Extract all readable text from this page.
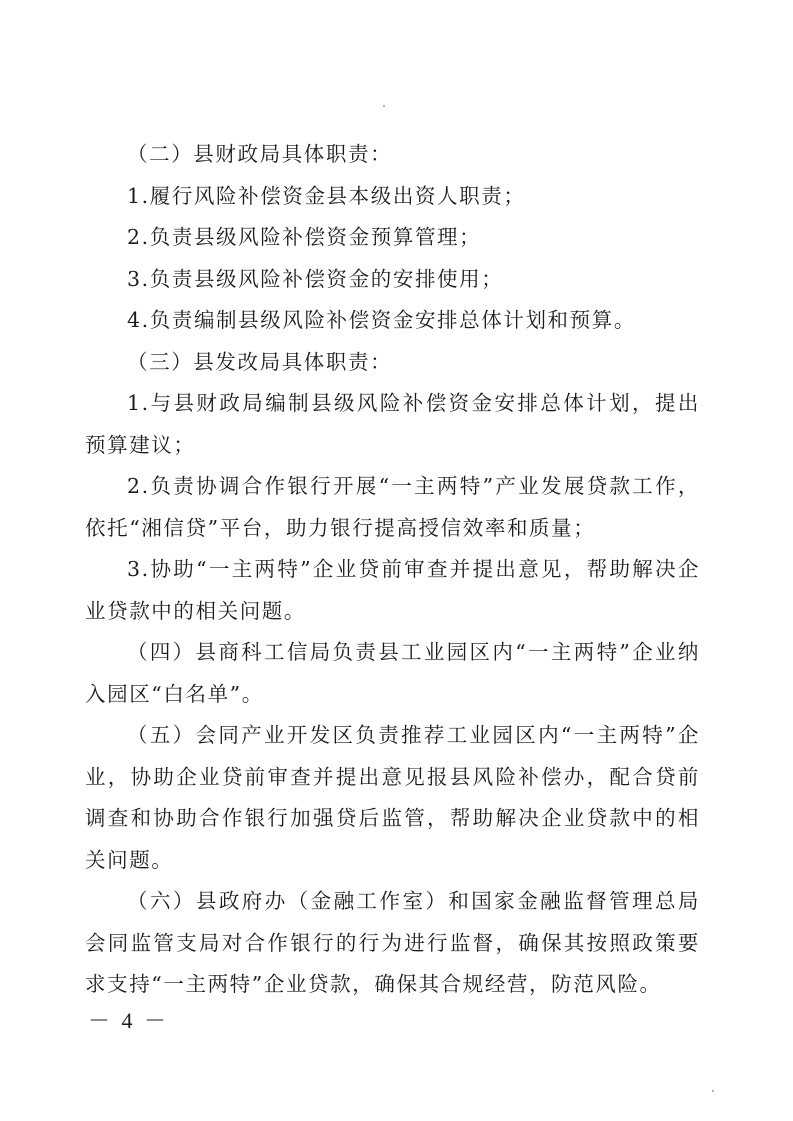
（二）县财政局具体职责：

1.履行风险补偿资金县本级出资人职责；

2.负责县级风险补偿资金预算管理；

3.负责县级风险补偿资金的安排使用；

4.负责编制县级风险补偿资金安排总体计划和预算。

（三）县发改局具体职责：

1.与县财政局编制县级风险补偿资金安排总体计划，提出预算建议；

2.负责协调合作银行开展“一主两特”产业发展贷款工作，依托“湘信贷”平台，助力银行提高授信效率和质量；

3.协助“一主两特”企业贷前审查并提出意见，帮助解决企业贷款中的相关问题。

（四）县商科工信局负责县工业园区内“一主两特”企业纳入园区“白名单”。

（五）会同产业开发区负责推荐工业园区内“一主两特”企业，协助企业贷前审查并提出意见报县风险补偿办，配合贷前调查和协助合作银行加强贷后监管，帮助解决企业贷款中的相关问题。

（六）县政府办（金融工作室）和国家金融监督管理总局会同监管支局对合作银行的行为进行监督，确保其按照政策要求支持“一主两特”企业贷款，确保其合规经营，防范风险。

－ 4 －
